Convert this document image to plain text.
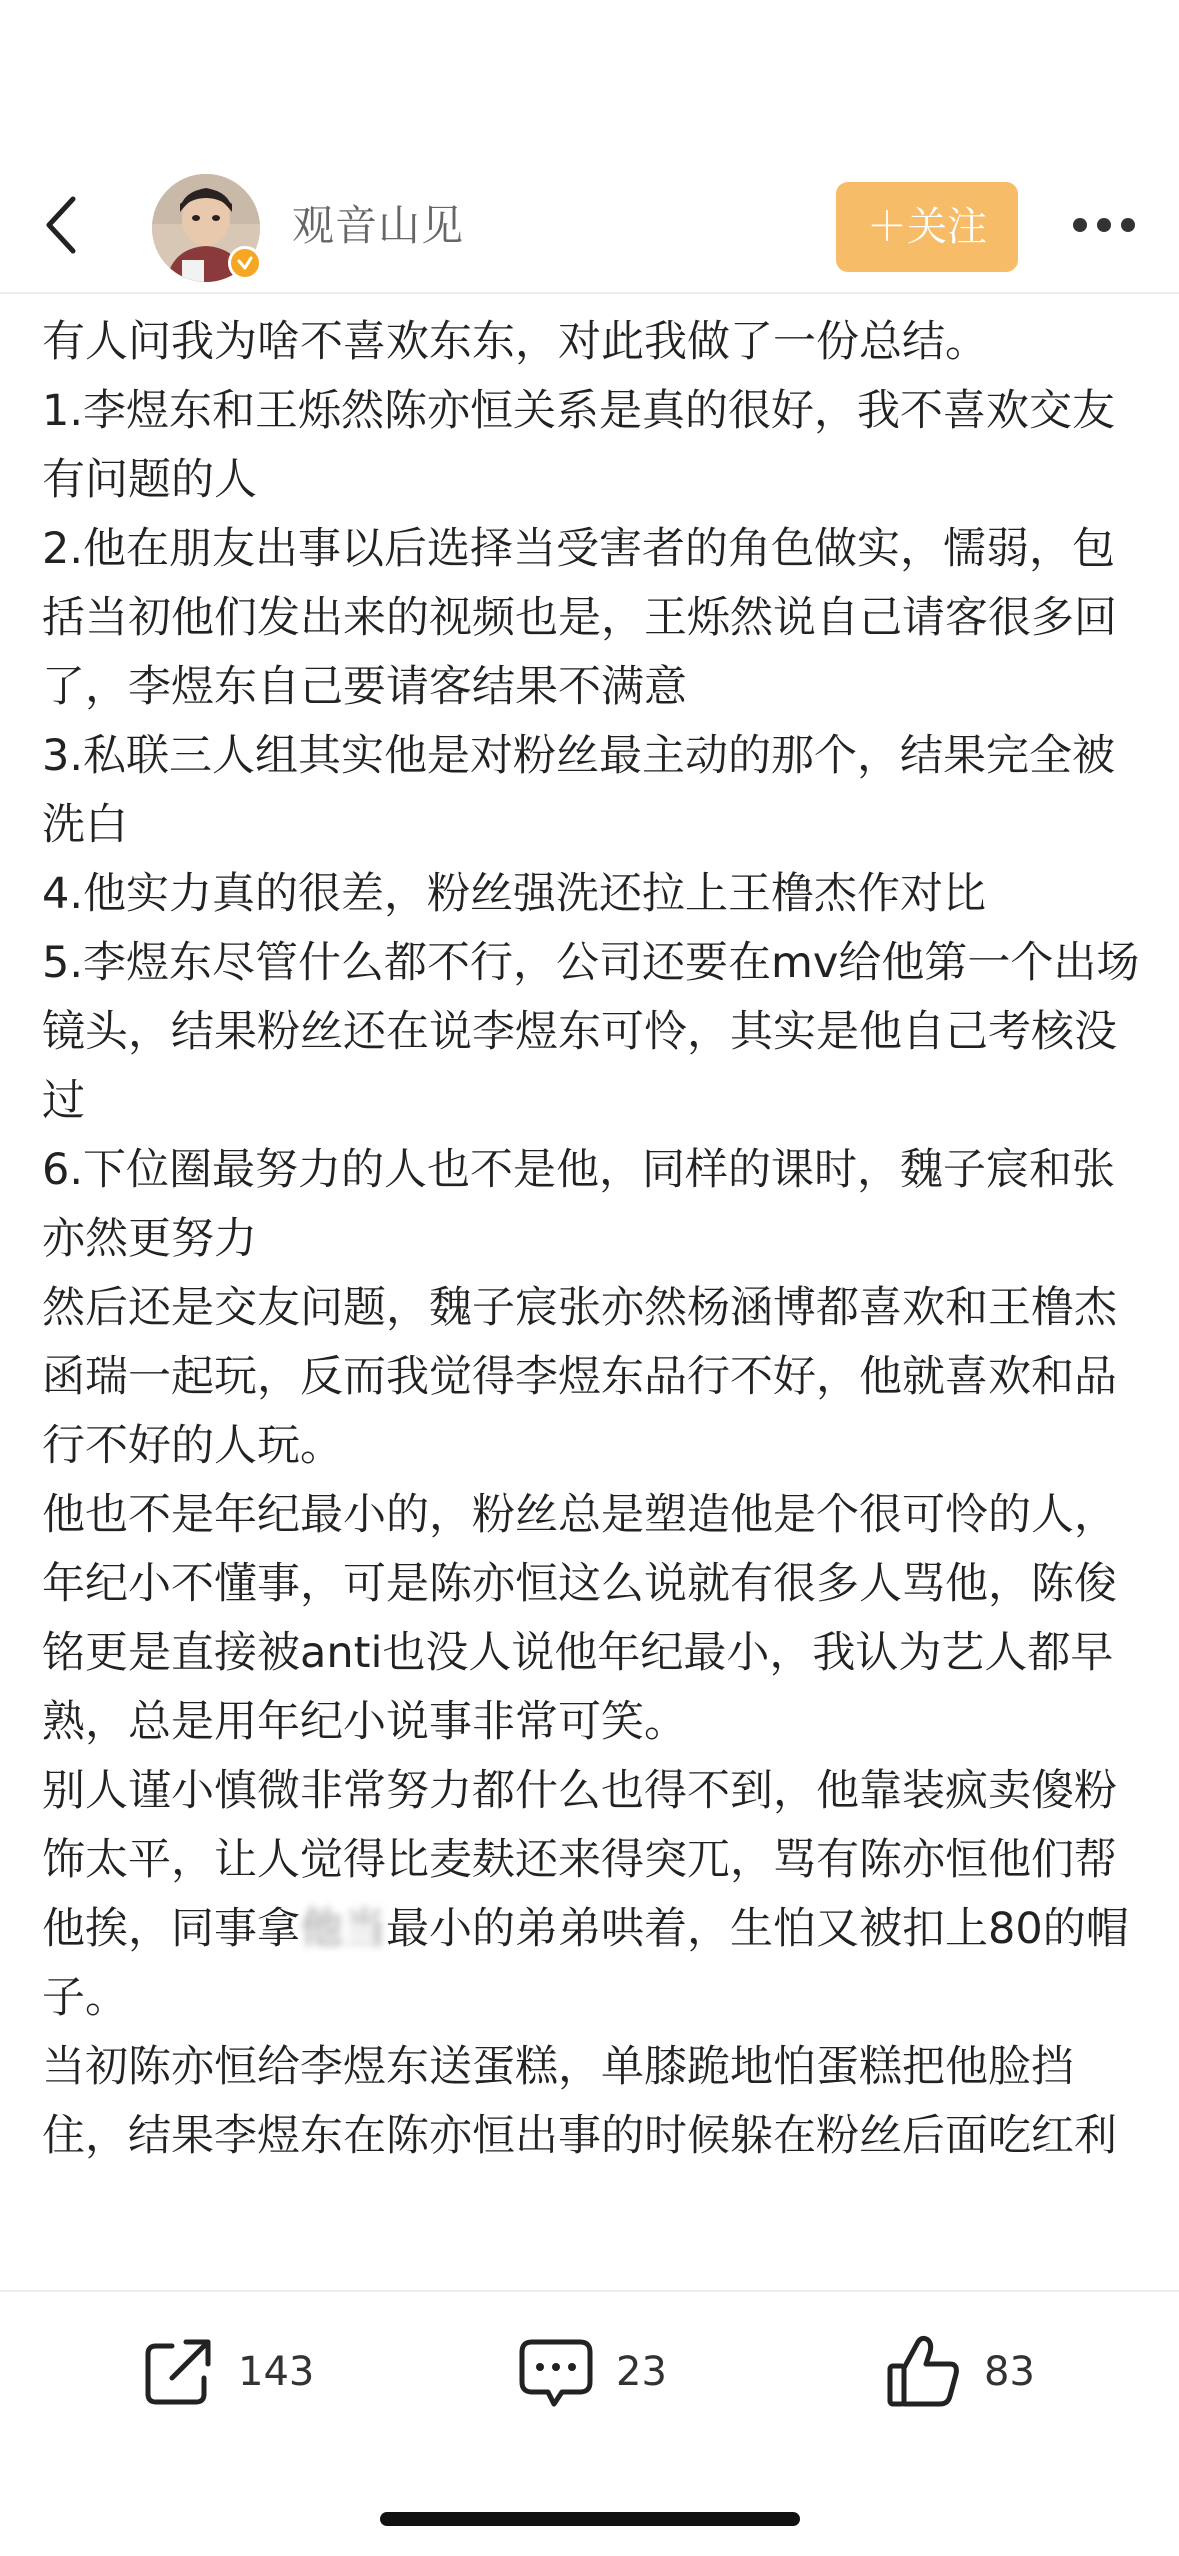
观音山见	＋关注

有人问我为啥不喜欢东东，对此我做了一份总结。

1.李煜东和王烁然陈亦恒关系是真的很好，我不喜欢交友有问题的人

2.他在朋友出事以后选择当受害者的角色做实，懦弱，包括当初他们发出来的视频也是，王烁然说自己请客很多回了，李煜东自己要请客结果不满意

3.私联三人组其实他是对粉丝最主动的那个，结果完全被洗白

4.他实力真的很差，粉丝强洗还拉上王橹杰作对比

5.李煜东尽管什么都不行，公司还要在mv给他第一个出场镜头，结果粉丝还在说李煜东可怜，其实是他自己考核没过

6.下位圈最努力的人也不是他，同样的课时，魏子宸和张亦然更努力

然后还是交友问题，魏子宸张亦然杨涵博都喜欢和王橹杰函瑞一起玩，反而我觉得李煜东品行不好，他就喜欢和品行不好的人玩。

他也不是年纪最小的，粉丝总是塑造他是个很可怜的人，年纪小不懂事，可是陈亦恒这么说就有很多人骂他，陈俊铭更是直接被anti也没人说他年纪最小，我认为艺人都早熟，总是用年纪小说事非常可笑。

别人谨小慎微非常努力都什么也得不到，他靠装疯卖傻粉饰太平，让人觉得比麦麸还来得突兀，骂有陈亦恒他们帮他挨，同事拿他当最小的弟弟哄着，生怕又被扣上80的帽子。

当初陈亦恒给李煜东送蛋糕，单膝跪地怕蛋糕把他脸挡住，结果李煜东在陈亦恒出事的时候躲在粉丝后面吃红利

143	23	83
